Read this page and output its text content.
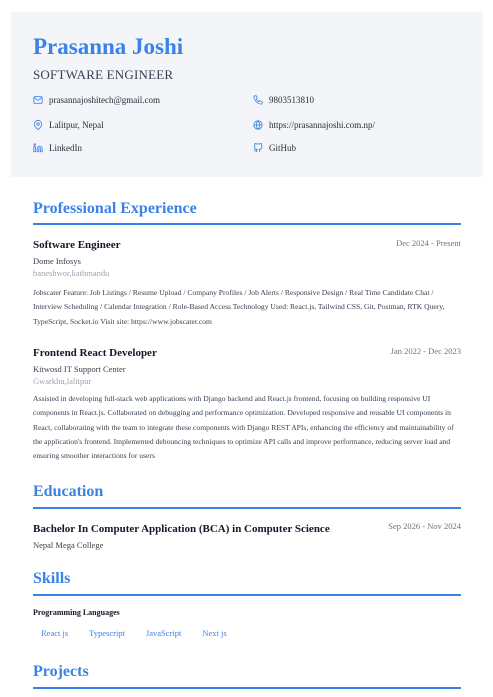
Prasanna Joshi
SOFTWARE ENGINEER
prasannajoshitech@gmail.com	9803513810
Lalitpur, Nepal	https://prasannajoshi.com.np/
LinkedIn	GitHub
Professional Experience
Software Engineer	Dec 2024 - Present
Dome Infosys
baneshwor,kathmandu
Jobscater Feature: Job Listings / Resume Upload / Company Profiles / Job Alerts / Responsive Design / Real Time Candidate Chat / Interview Scheduling / Calendar Integration / Role-Based Access Technology Used: React.js, Tailwind CSS, Git, Postman, RTK Query, TypeScript, Socket.io Visit site: https://www.jobscater.com
Frontend React Developer	Jan 2022 - Dec 2023
Kitwosd IT Support Center
Gwarkhu,lalitpur
Assisted in developing full-stack web applications with Django backend and React.js frontend, focusing on building responsive UI components in React.js. Collaborated on debugging and performance optimization. Developed responsive and reusable UI components in React, collaborating with the team to integrate these components with Django REST APIs, enhancing the efficiency and maintainability of the application's frontend. Implemented debouncing techniques to optimize API calls and improve performance, reducing server load and ensuring smoother interactions for users
Education
Bachelor In Computer Application (BCA) in Computer Science	Sep 2026 - Nov 2024
Nepal Mega College
Skills
Programming Languages
React js	Typescript	JavaScript	Next js
Projects
